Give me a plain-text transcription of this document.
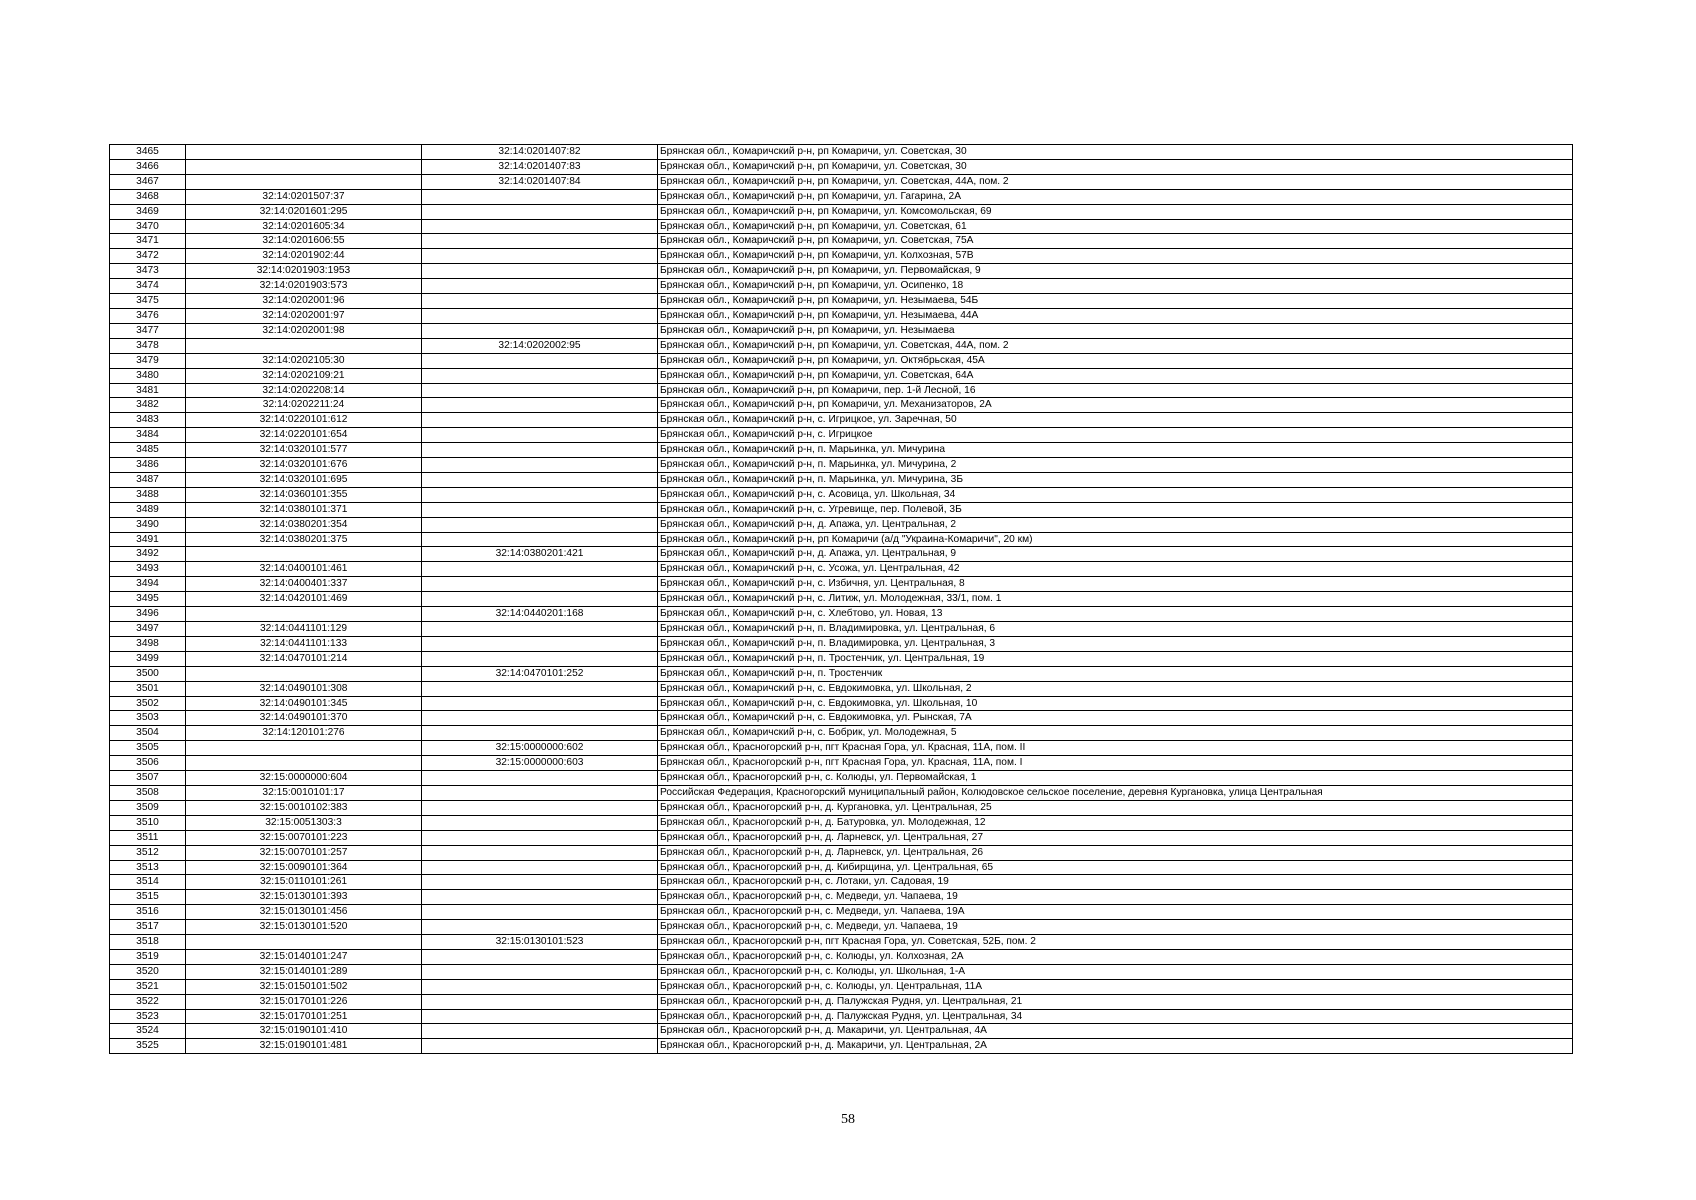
3465		32:14:0201407:82	Брянская обл., Комаричский р-н, рп Комаричи, ул. Советская, 30
3466		32:14:0201407:83	Брянская обл., Комаричский р-н, рп Комаричи, ул. Советская, 30
3467		32:14:0201407:84	Брянская обл., Комаричский р-н, рп Комаричи, ул. Советская, 44А, пом. 2
3468	32:14:0201507:37		Брянская обл., Комаричский р-н, рп Комаричи, ул. Гагарина, 2А
3469	32:14:0201601:295		Брянская обл., Комаричский р-н, рп Комаричи, ул. Комсомольская, 69
3470	32:14:0201605:34		Брянская обл., Комаричский р-н, рп Комаричи, ул. Советская, 61
3471	32:14:0201606:55		Брянская обл., Комаричский р-н, рп Комаричи, ул. Советская, 75А
3472	32:14:0201902:44		Брянская обл., Комаричский р-н, рп Комаричи, ул. Колхозная, 57В
3473	32:14:0201903:1953		Брянская обл., Комаричский р-н, рп Комаричи, ул. Первомайская, 9
3474	32:14:0201903:573		Брянская обл., Комаричский р-н, рп Комаричи, ул. Осипенко, 18
3475	32:14:0202001:96		Брянская обл., Комаричский р-н, рп Комаричи, ул. Незымаева, 54Б
3476	32:14:0202001:97		Брянская обл., Комаричский р-н, рп Комаричи, ул. Незымаева, 44А
3477	32:14:0202001:98		Брянская обл., Комаричский р-н, рп Комаричи, ул. Незымаева
3478		32:14:0202002:95	Брянская обл., Комаричский р-н, рп Комаричи, ул. Советская, 44А, пом. 2
3479	32:14:0202105:30		Брянская обл., Комаричский р-н, рп Комаричи, ул. Октябрьская, 45А
3480	32:14:0202109:21		Брянская обл., Комаричский р-н, рп Комаричи, ул. Советская, 64А
3481	32:14:0202208:14		Брянская обл., Комаричский р-н, рп Комаричи, пер. 1-й Лесной, 16
3482	32:14:0202211:24		Брянская обл., Комаричский р-н, рп Комаричи, ул. Механизаторов, 2А
3483	32:14:0220101:612		Брянская обл., Комаричский р-н, с. Игрицкое, ул. Заречная, 50
3484	32:14:0220101:654		Брянская обл., Комаричский р-н, с. Игрицкое
3485	32:14:0320101:577		Брянская обл., Комаричский р-н, п. Марьинка, ул. Мичурина
3486	32:14:0320101:676		Брянская обл., Комаричский р-н, п. Марьинка, ул. Мичурина, 2
3487	32:14:0320101:695		Брянская обл., Комаричский р-н, п. Марьинка, ул. Мичурина, 3Б
3488	32:14:0360101:355		Брянская обл., Комаричский р-н, с. Асовица, ул. Школьная, 34
3489	32:14:0380101:371		Брянская обл., Комаричский р-н, с. Угревище, пер. Полевой, 3Б
3490	32:14:0380201:354		Брянская обл., Комаричский р-н, д. Апажа, ул. Центральная, 2
3491	32:14:0380201:375		Брянская обл., Комаричский р-н, рп Комаричи (а/д "Украина-Комаричи", 20 км)
3492		32:14:0380201:421	Брянская обл., Комаричский р-н, д. Апажа, ул. Центральная, 9
3493	32:14:0400101:461		Брянская обл., Комаричский р-н, с. Усожа, ул. Центральная, 42
3494	32:14:0400401:337		Брянская обл., Комаричский р-н, с. Избичня, ул. Центральная, 8
3495	32:14:0420101:469		Брянская обл., Комаричский р-н, с. Литиж, ул. Молодежная, 33/1, пом. 1
3496		32:14:0440201:168	Брянская обл., Комаричский р-н, с. Хлебтово, ул. Новая, 13
3497	32:14:0441101:129		Брянская обл., Комаричский р-н, п. Владимировка, ул. Центральная, 6
3498	32:14:0441101:133		Брянская обл., Комаричский р-н, п. Владимировка, ул. Центральная, 3
3499	32:14:0470101:214		Брянская обл., Комаричский р-н, п. Тростенчик, ул. Центральная, 19
3500		32:14:0470101:252	Брянская обл., Комаричский р-н, п. Тростенчик
3501	32:14:0490101:308		Брянская обл., Комаричский р-н, с. Евдокимовка, ул. Школьная, 2
3502	32:14:0490101:345		Брянская обл., Комаричский р-н, с. Евдокимовка, ул. Школьная, 10
3503	32:14:0490101:370		Брянская обл., Комаричский р-н, с. Евдокимовка, ул. Рынская, 7А
3504	32:14:120101:276		Брянская обл., Комаричский р-н, с. Бобрик, ул. Молодежная, 5
3505		32:15:0000000:602	Брянская обл., Красногорский р-н, пгт Красная Гора, ул. Красная, 11А, пом. II
3506		32:15:0000000:603	Брянская обл., Красногорский р-н, пгт Красная Гора, ул. Красная, 11А, пом. I
3507	32:15:0000000:604		Брянская обл., Красногорский р-н, с. Колюды, ул. Первомайская, 1
3508	32:15:0010101:17		Российская Федерация, Красногорский муниципальный район, Колюдовское сельское поселение, деревня Кургановка, улица Центральная
3509	32:15:0010102:383		Брянская обл., Красногорский р-н, д. Кургановка, ул. Центральная, 25
3510	32:15:0051303:3		Брянская обл., Красногорский р-н, д. Батуровка, ул. Молодежная, 12
3511	32:15:0070101:223		Брянская обл., Красногорский р-н, д. Ларневск, ул. Центральная, 27
3512	32:15:0070101:257		Брянская обл., Красногорский р-н, д. Ларневск, ул. Центральная, 26
3513	32:15:0090101:364		Брянская обл., Красногорский р-н, д. Кибирщина, ул. Центральная, 65
3514	32:15:0110101:261		Брянская обл., Красногорский р-н, с. Лотаки, ул. Садовая, 19
3515	32:15:0130101:393		Брянская обл., Красногорский р-н, с. Медведи, ул. Чапаева, 19
3516	32:15:0130101:456		Брянская обл., Красногорский р-н, с. Медведи, ул. Чапаева, 19А
3517	32:15:0130101:520		Брянская обл., Красногорский р-н, с. Медведи, ул. Чапаева, 19
3518		32:15:0130101:523	Брянская обл., Красногорский р-н, пгт Красная Гора, ул. Советская, 52Б, пом. 2
3519	32:15:0140101:247		Брянская обл., Красногорский р-н, с. Колюды, ул. Колхозная, 2А
3520	32:15:0140101:289		Брянская обл., Красногорский р-н, с. Колюды, ул. Школьная, 1-А
3521	32:15:0150101:502		Брянская обл., Красногорский р-н, с. Колюды, ул. Центральная, 11А
3522	32:15:0170101:226		Брянская обл., Красногорский р-н, д. Палужская Рудня, ул. Центральная, 21
3523	32:15:0170101:251		Брянская обл., Красногорский р-н, д. Палужская Рудня, ул. Центральная, 34
3524	32:15:0190101:410		Брянская обл., Красногорский р-н, д. Макаричи, ул. Центральная, 4А
3525	32:15:0190101:481		Брянская обл., Красногорский р-н, д. Макаричи, ул. Центральная, 2А
58
